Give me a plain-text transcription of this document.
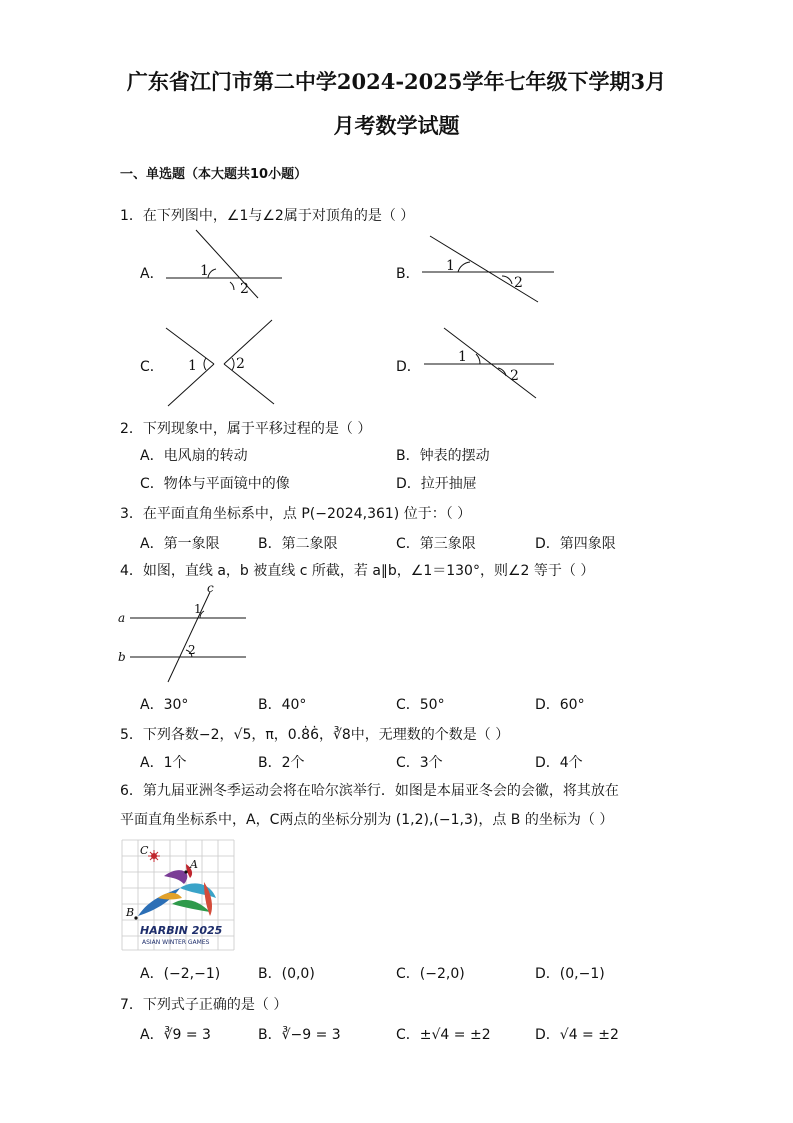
广东省江门市第二中学2024-2025学年七年级下学期3月
月考数学试题
一、单选题（本大题共10小题）
1．在下列图中，∠1与∠2属于对顶角的是（ ）
A．	1
2
B． 1
2
C． 1	2	D．
1
2
2．下列现象中，属于平移过程的是（ ）
A．电风扇的转动	B．钟表的摆动
C．物体与平面镜中的像	D．拉开抽屉
3．在平面直角坐标系中，点 P(−2024,361) 位于：（ ）
A．第一象限	B．第二象限	C．第三象限	D．第四象限
4．如图，直线 a，b 被直线 c 所截，若 a∥b，∠1＝130°，则∠2 等于（ ）
a
b
c
1
2
A．30°	B．40°	C．50°	D．60°
5．下列各数−2，√5，π，0.8̇6̇，∛8中，无理数的个数是（ ）
A．1个	B．2个	C．3个	D．4个
6．第九届亚洲冬季运动会将在哈尔滨举行．如图是本届亚冬会的会徽，将其放在
平面直角坐标系中，A，C两点的坐标分别为 (1,2),(−1,3)，点 B 的坐标为（ ）
C
A
B
HARBIN 2025
ASIAN WINTER GAMES
A．(−2,−1)	B．(0,0)	C．(−2,0)	D．(0,−1)
7．下列式子正确的是（ ）
A．∛9 = 3	B．∛−9 = 3	C．±√4 = ±2	D．√4 = ±2
